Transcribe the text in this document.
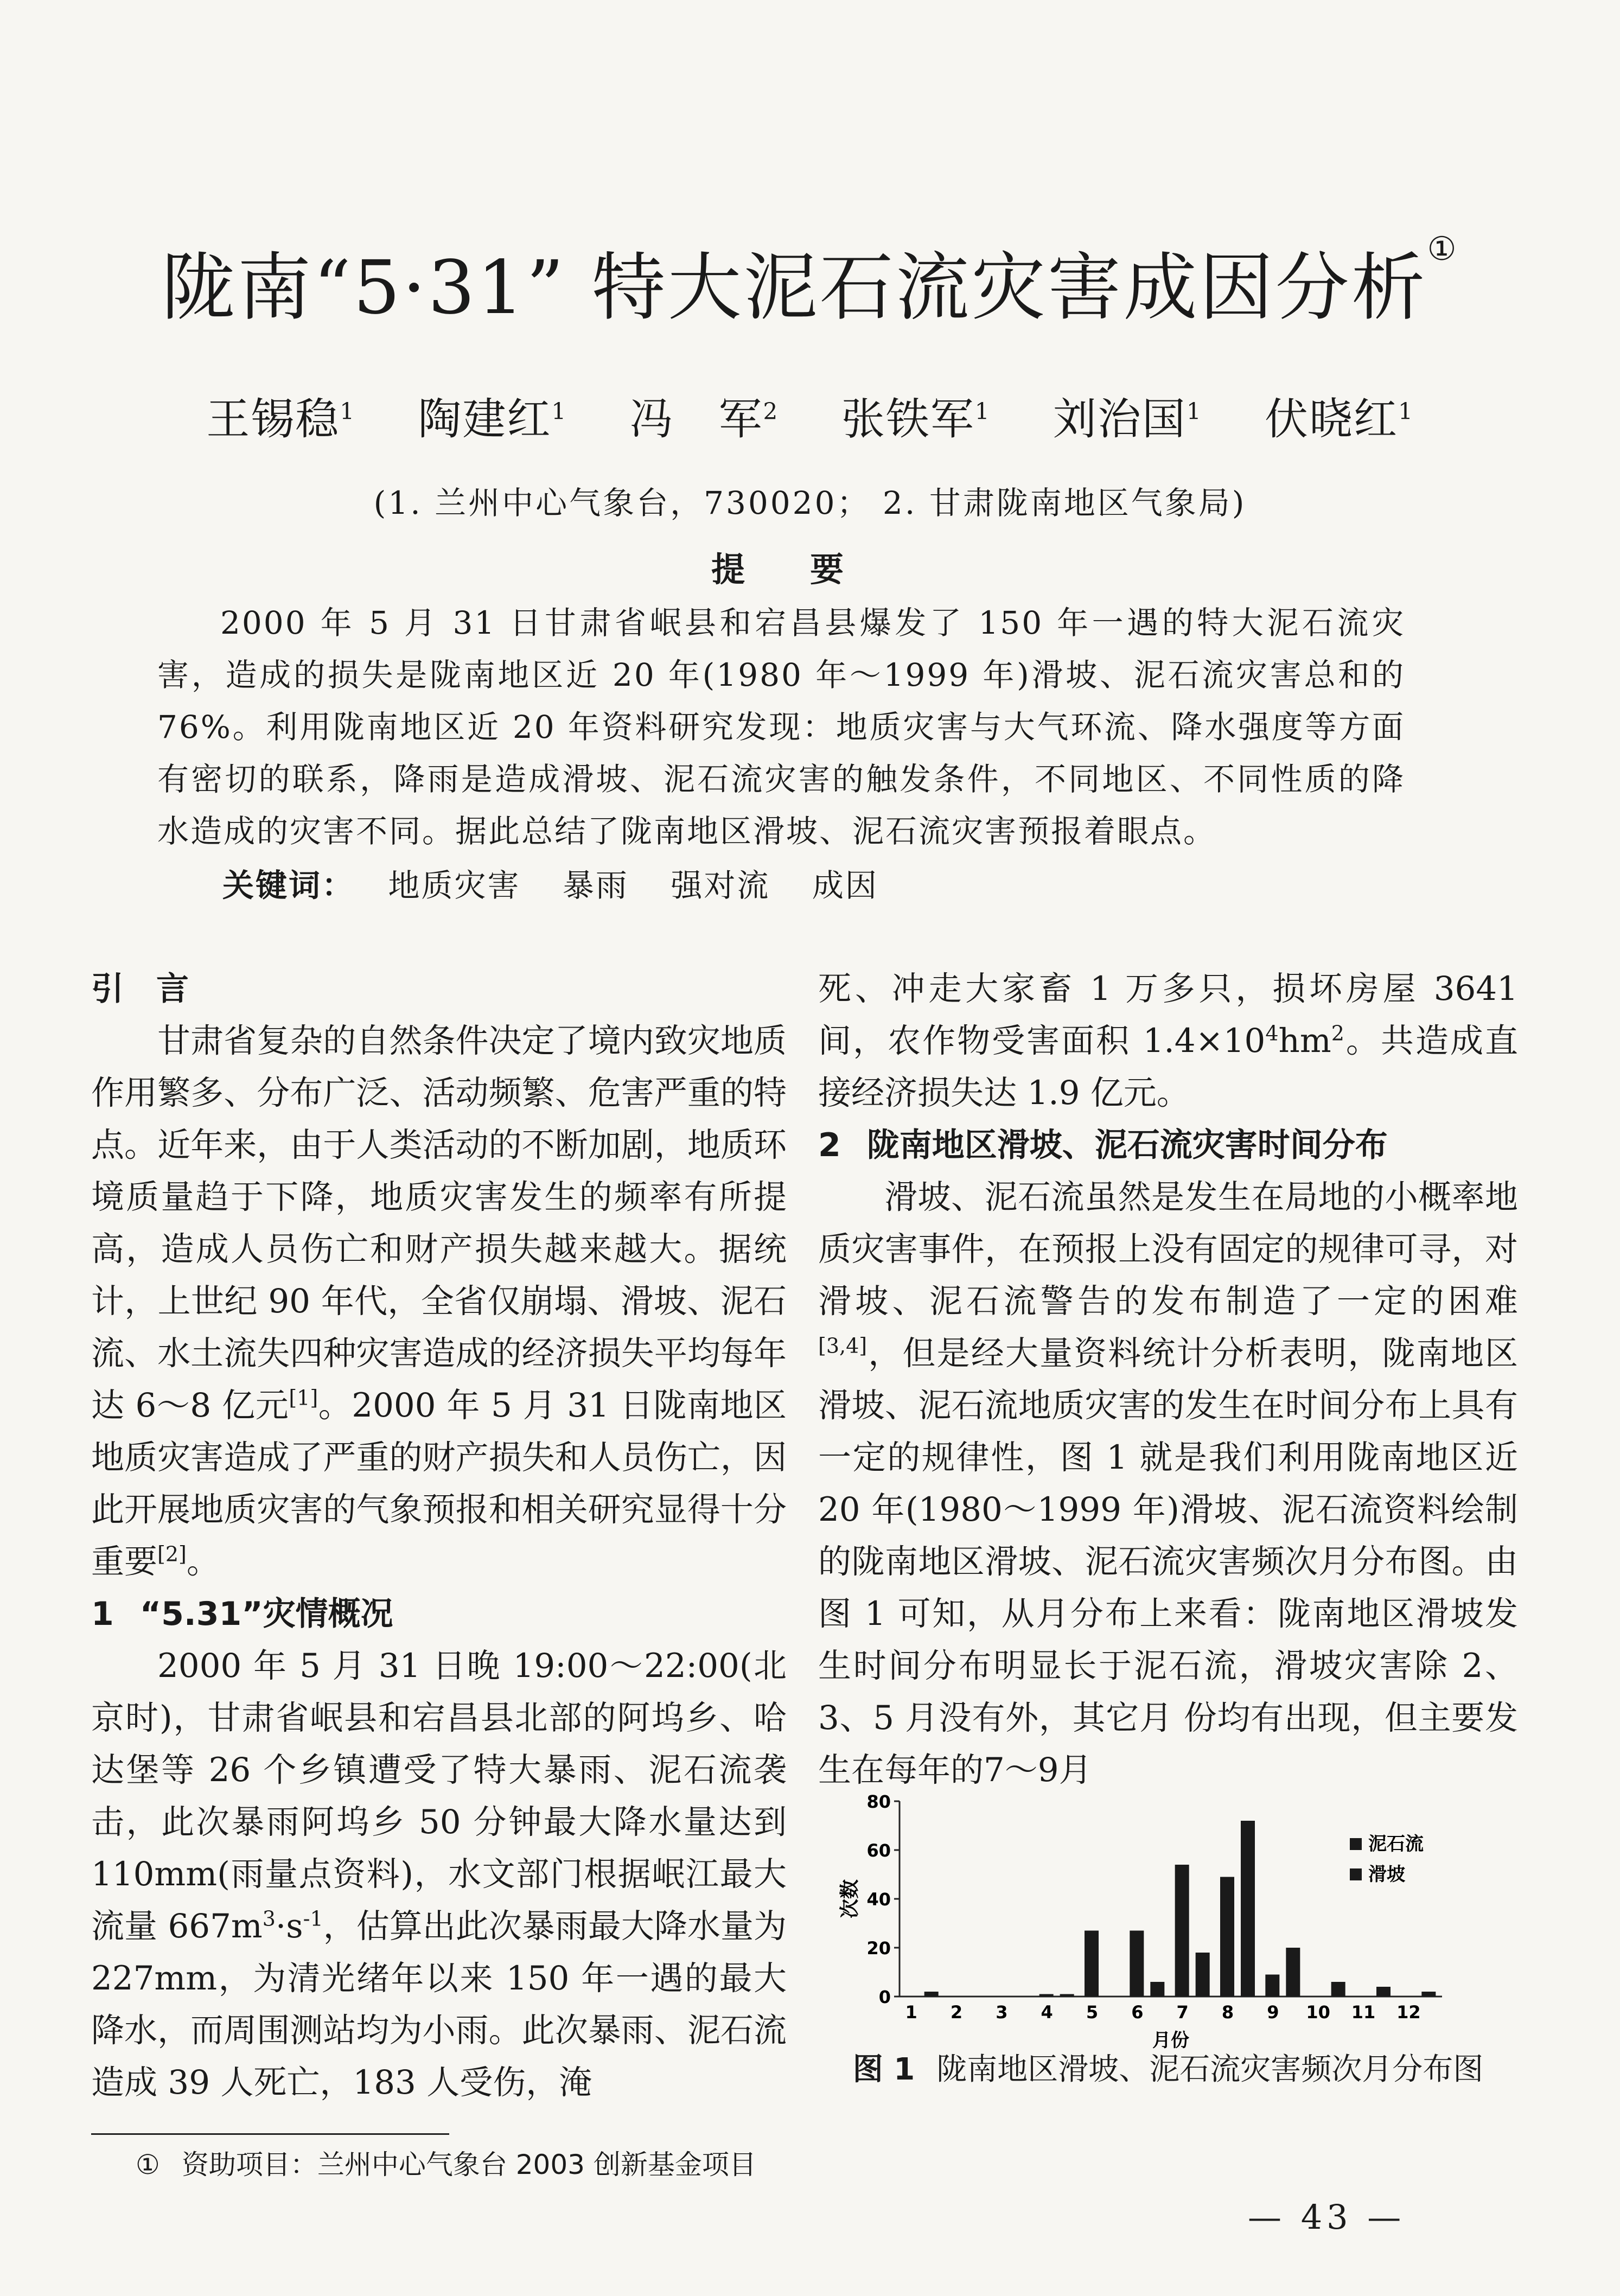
陇南“5·31” 特大泥石流灾害成因分析①
王锡稳$^1$ 陶建红$^1$ 冯　军$^2$ 张铁军$^1$ 刘治国$^1$ 伏晓红$^1$
(1. 兰州中心气象台，730020； 2. 甘肃陇南地区气象局)
提要
2000 年 5 月 31 日甘肃省岷县和宕昌县爆发了 150 年一遇的特大泥石流灾害，造成的损失是陇南地区近 20 年(1980 年～1999 年)滑坡、泥石流灾害总和的 76%。利用陇南地区近 20 年资料研究发现：地质灾害与大气环流、降水强度等方面有密切的联系，降雨是造成滑坡、泥石流灾害的触发条件，不同地区、不同性质的降水造成的灾害不同。据此总结了陇南地区滑坡、泥石流灾害预报着眼点。
关键词： 地质灾害 暴雨 强对流 成因
引　言

甘肃省复杂的自然条件决定了境内致灾地质作用繁多、分布广泛、活动频繁、危害严重的特点。近年来，由于人类活动的不断加剧，地质环境质量趋于下降，地质灾害发生的频率有所提高，造成人员伤亡和财产损失越来越大。据统计，上世纪 90 年代，全省仅崩塌、滑坡、泥石流、水土流失四种灾害造成的经济损失平均每年达 6～8 亿元[1]。2000 年 5 月 31 日陇南地区地质灾害造成了严重的财产损失和人员伤亡，因此开展地质灾害的气象预报和相关研究显得十分重要[2]。

1 “5.31”灾情概况

2000 年 5 月 31 日晚 19:00～22:00(北京时)，甘肃省岷县和宕昌县北部的阿坞乡、哈达堡等 26 个乡镇遭受了特大暴雨、泥石流袭击，此次暴雨阿坞乡 50 分钟最大降水量达到 110mm(雨量点资料)，水文部门根据岷江最大流量 $667m^3\cdot s^{-1}$，估算出此次暴雨最大降水量为 227mm，为清光绪年以来 150 年一遇的最大降水，而周围测站均为小雨。此次暴雨、泥石流造成 39 人死亡，183 人受伤，淹

死、冲走大家畜 1 万多只，损坏房屋 3641 间，农作物受害面积 $1.4\times 10^4hm^2$。共造成直接经济损失达 1.9 亿元。

2 陇南地区滑坡、泥石流灾害时间分布

滑坡、泥石流虽然是发生在局地的小概率地质灾害事件，在预报上没有固定的规律可寻，对滑坡、泥石流警告的发布制造了一定的困难[3,4]，但是经大量资料统计分析表明，陇南地区滑坡、泥石流地质灾害的发生在时间分布上具有一定的规律性，图 1 就是我们利用陇南地区近 20 年(1980～1999 年)滑坡、泥石流资料绘制的陇南地区滑坡、泥石流灾害频次月分布图。由图 1 可知，从月分布上来看：陇南地区滑坡发生时间分布明显长于泥石流，滑坡灾害除 2、3、5 月没有外，其它月 份均有出现，但主要发生在每年的7～9月

0
20
40
60
80
次数
1 2 3 4 5 6 7 8 9 10 11 12
月份
泥石流
滑坡
图 1 陇南地区滑坡、泥石流灾害频次月分布图
① 资助项目：兰州中心气象台 2003 创新基金项目
— 43 —
